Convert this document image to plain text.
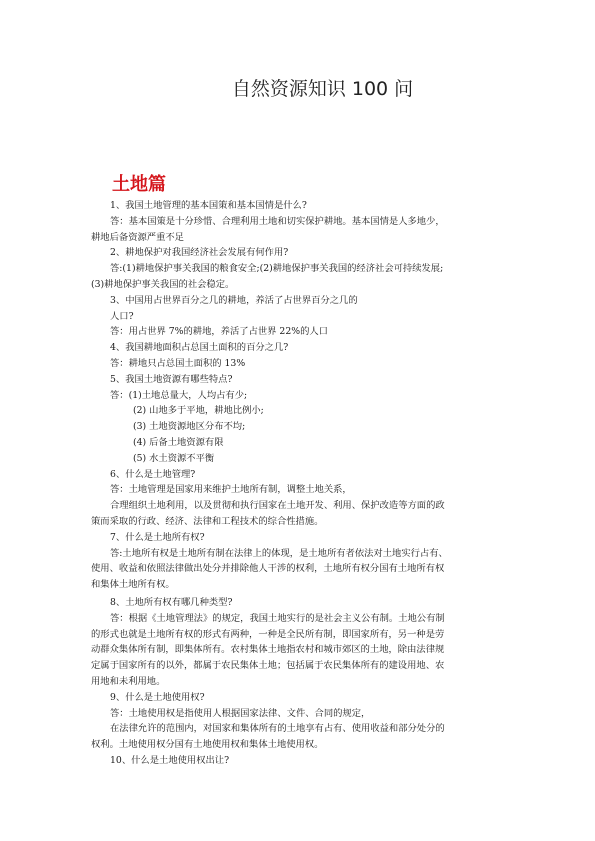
自然资源知识 100 问
土地篇
1、我国土地管理的基本国策和基本国情是什么?
答：基本国策是十分珍惜、合理利用土地和切实保护耕地。基本国情是人多地少，
耕地后备资源严重不足
2、耕地保护对我国经济社会发展有何作用?
答:(1)耕地保护事关我国的粮食安全;(2)耕地保护事关我国的经济社会可持续发展;
(3)耕地保护事关我国的社会稳定。
3、中国用占世界百分之几的耕地，养活了占世界百分之几的
人口?
答：用占世界 7%的耕地，养活了占世界 22%的人口
4、我国耕地面积占总国土面积的百分之几?
答：耕地只占总国土面积的 13%
5、我国土地资源有哪些特点?
答：(1)土地总量大，人均占有少;
(2) 山地多于平地，耕地比例小;
(3) 土地资源地区分布不均;
(4) 后备土地资源有限
(5) 水土资源不平衡
6、什么是土地管理?
答：土地管理是国家用来维护土地所有制，调整土地关系，
合理组织土地利用，以及贯彻和执行国家在土地开发、利用、保护改造等方面的政
策而采取的行政、经济、法律和工程技术的综合性措施。
7、什么是土地所有权?
答:土地所有权是土地所有制在法律上的体现，是土地所有者依法对土地实行占有、
使用、收益和依照法律做出处分并排除他人干涉的权利，土地所有权分国有土地所有权
和集体土地所有权。
8、土地所有权有哪几种类型?
答：根据《土地管理法》的规定，我国土地实行的是社会主义公有制。土地公有制
的形式也就是土地所有权的形式有两种，一种是全民所有制，即国家所有，另一种是劳
动群众集体所有制，即集体所有。农村集体土地指农村和城市郊区的土地，除由法律规
定属于国家所有的以外，都属于农民集体土地；包括属于农民集体所有的建设用地、农
用地和未利用地。
9、什么是土地使用权?
答：土地使用权是指使用人根据国家法律、文件、合同的规定，
在法律允许的范围内，对国家和集体所有的土地享有占有、使用收益和部分处分的
权利。土地使用权分国有土地使用权和集体土地使用权。
10、什么是土地使用权出让?
